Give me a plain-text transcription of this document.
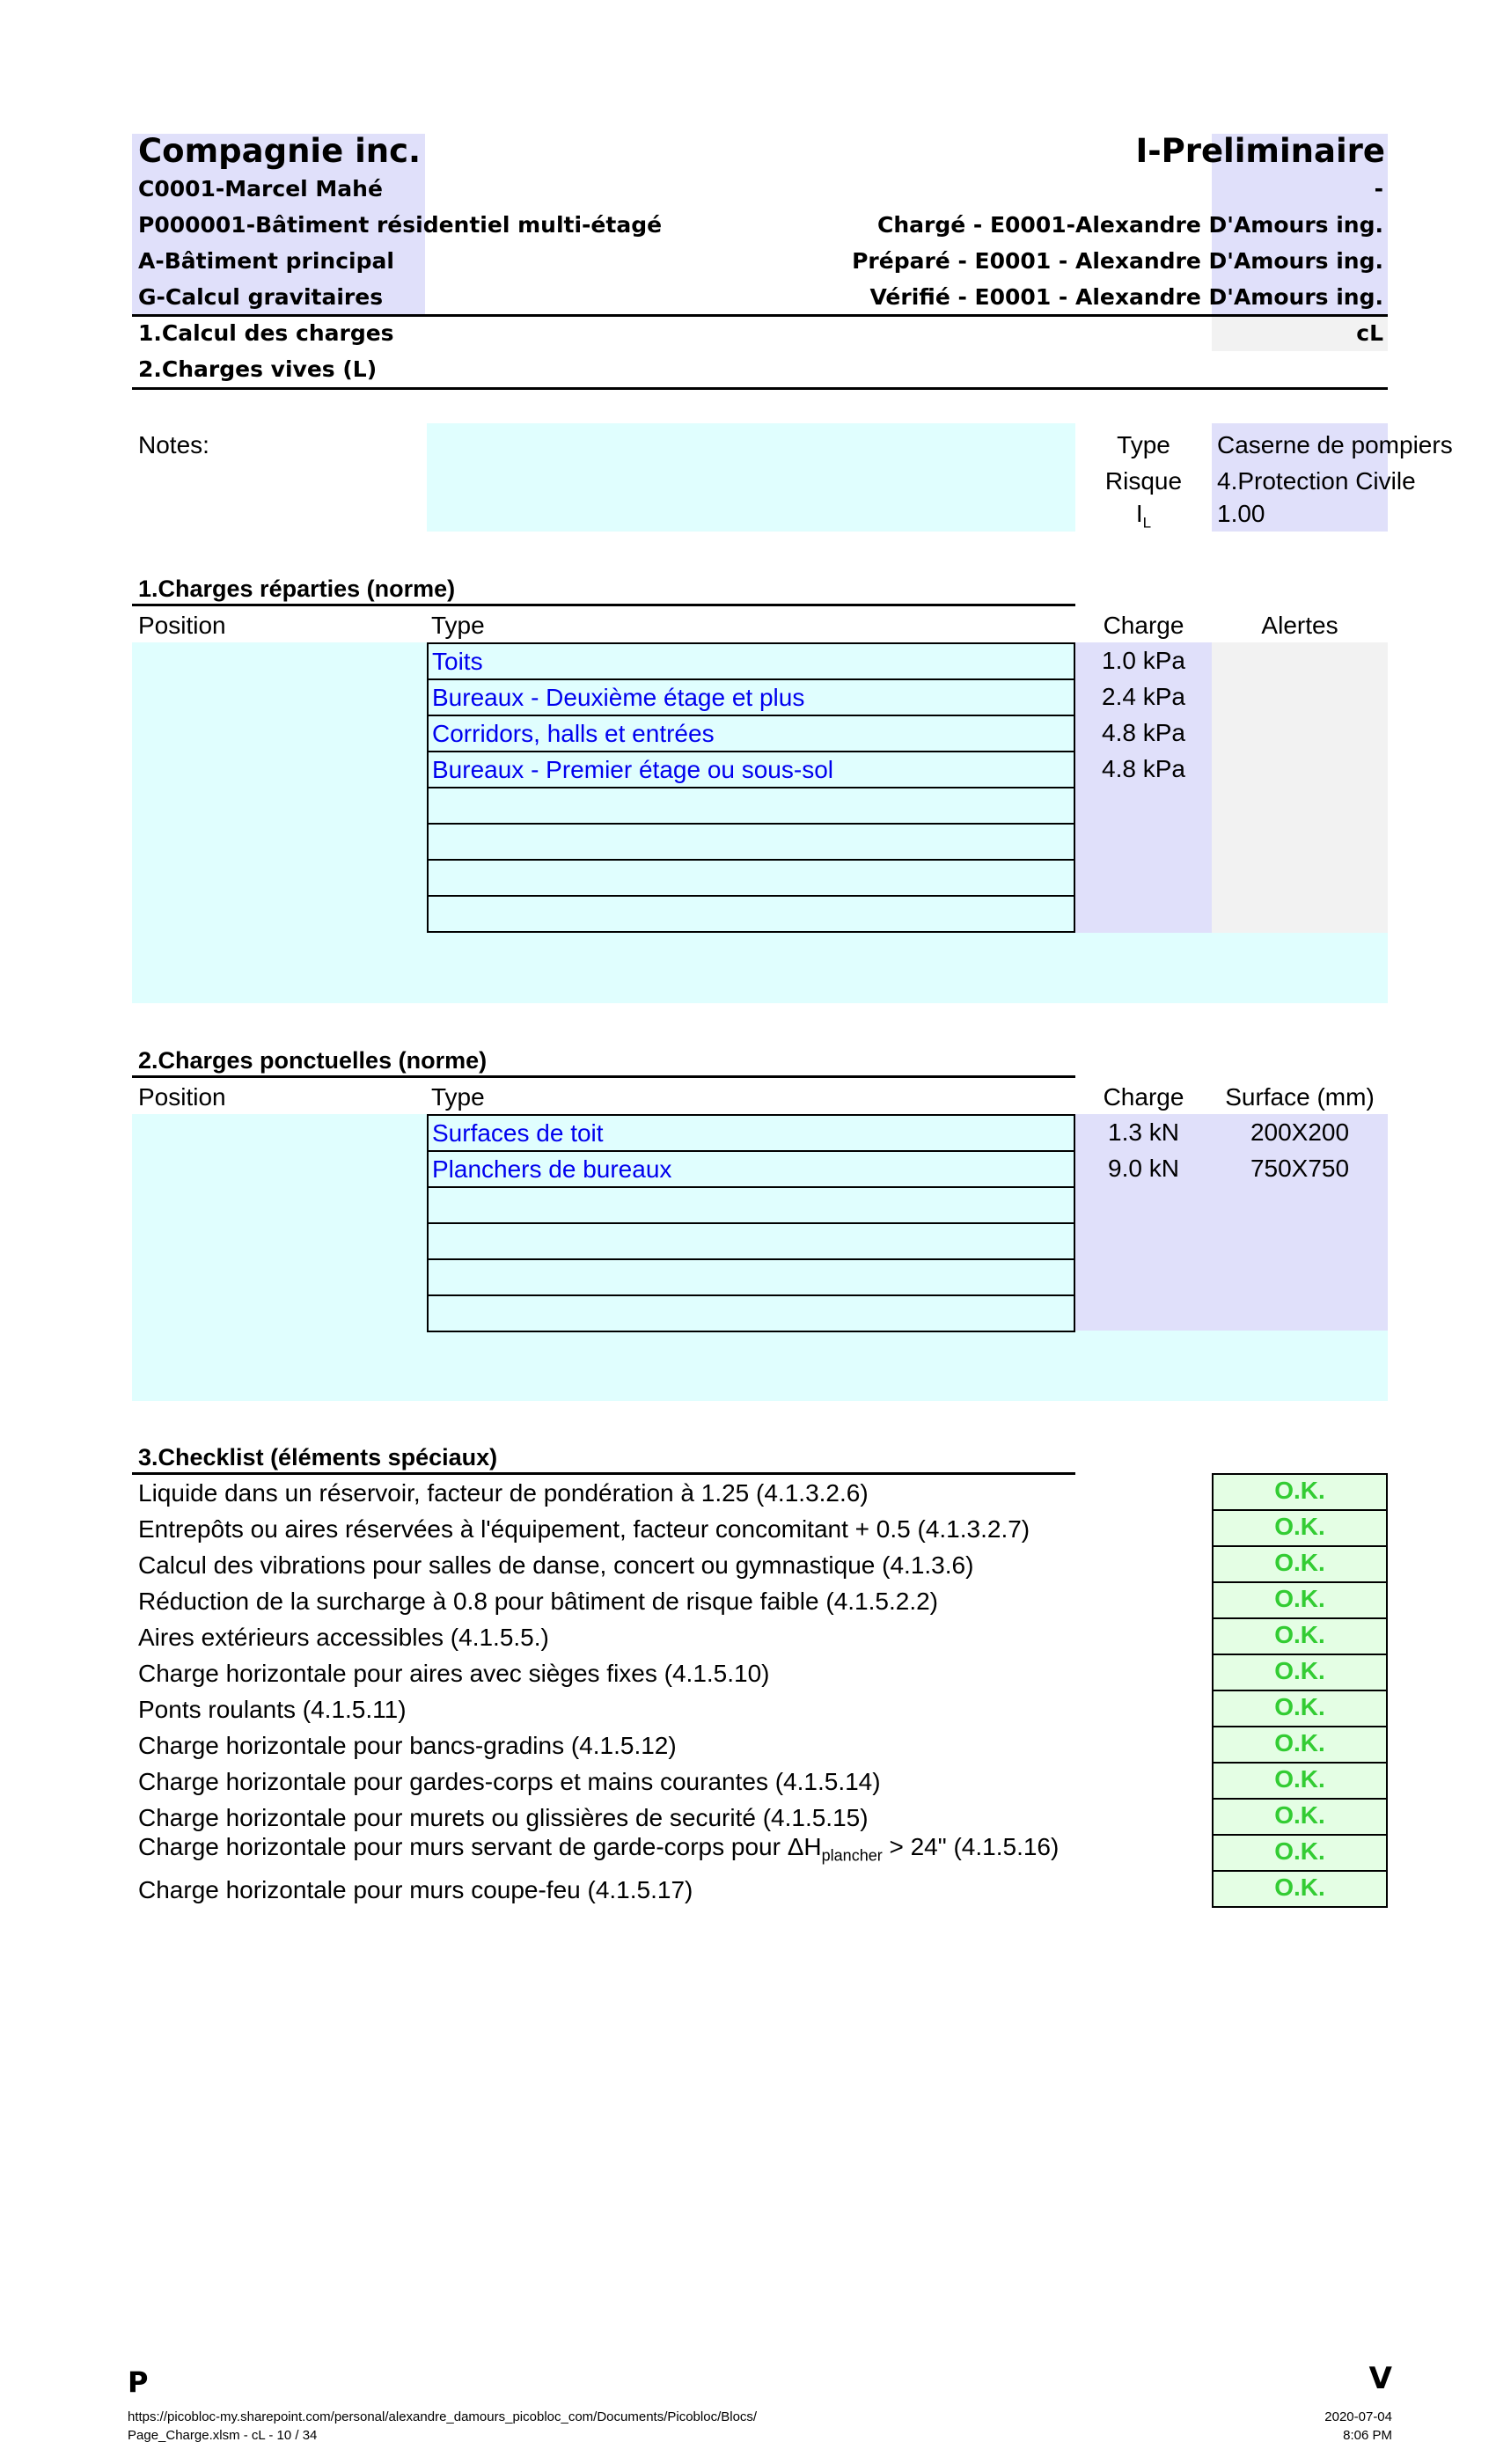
Compagnie inc.	I-Preliminaire
C0001-Marcel Mahé	-
P000001-Bâtiment résidentiel multi-étagé	Chargé - E0001-Alexandre D'Amours ing.
A-Bâtiment principal	Préparé - E0001 - Alexandre D'Amours ing.
G-Calcul gravitaires	Vérifié - E0001 - Alexandre D'Amours ing.
1.Calcul des charges	cL
2.Charges vives (L)
Notes:	Type	Caserne de pompiers
Risque	4.Protection Civile
$I_L$	1.00
1.Charges réparties (norme)
Position	Type	Charge	Alertes
Toits	1.0 kPa
Bureaux - Deuxième étage et plus	2.4 kPa
Corridors, halls et entrées	4.8 kPa
Bureaux - Premier étage ou sous-sol	4.8 kPa
2.Charges ponctuelles (norme)
Position	Type	Charge	Surface (mm)
Surfaces de toit	1.3 kN	200X200
Planchers de bureaux	9.0 kN	750X750
3.Checklist (éléments spéciaux)
Liquide dans un réservoir, facteur de pondération à 1.25 (4.1.3.2.6)	O.K.
Entrepôts ou aires réservées à l'équipement, facteur concomitant + 0.5 (4.1.3.2.7)	O.K.
Calcul des vibrations pour salles de danse, concert ou gymnastique (4.1.3.6)	O.K.
Réduction de la surcharge à 0.8 pour bâtiment de risque faible (4.1.5.2.2)	O.K.
Aires extérieurs accessibles (4.1.5.5.)	O.K.
Charge horizontale pour aires avec sièges fixes (4.1.5.10)	O.K.
Ponts roulants (4.1.5.11)	O.K.
Charge horizontale pour bancs-gradins (4.1.5.12)	O.K.
Charge horizontale pour gardes-corps et mains courantes (4.1.5.14)	O.K.
Charge horizontale pour murets ou glissières de securité (4.1.5.15)	O.K.
Charge horizontale pour murs servant de garde-corps pour $\Delta H_{plancher} > 24$" (4.1.5.16)	O.K.
Charge horizontale pour murs coupe-feu (4.1.5.17)	O.K.
P	V
https://picobloc-my.sharepoint.com/personal/alexandre_damours_picobloc_com/Documents/Picobloc/Blocs/
Page_Charge.xlsm - cL - 10 / 34
2020-07-04
8:06 PM
